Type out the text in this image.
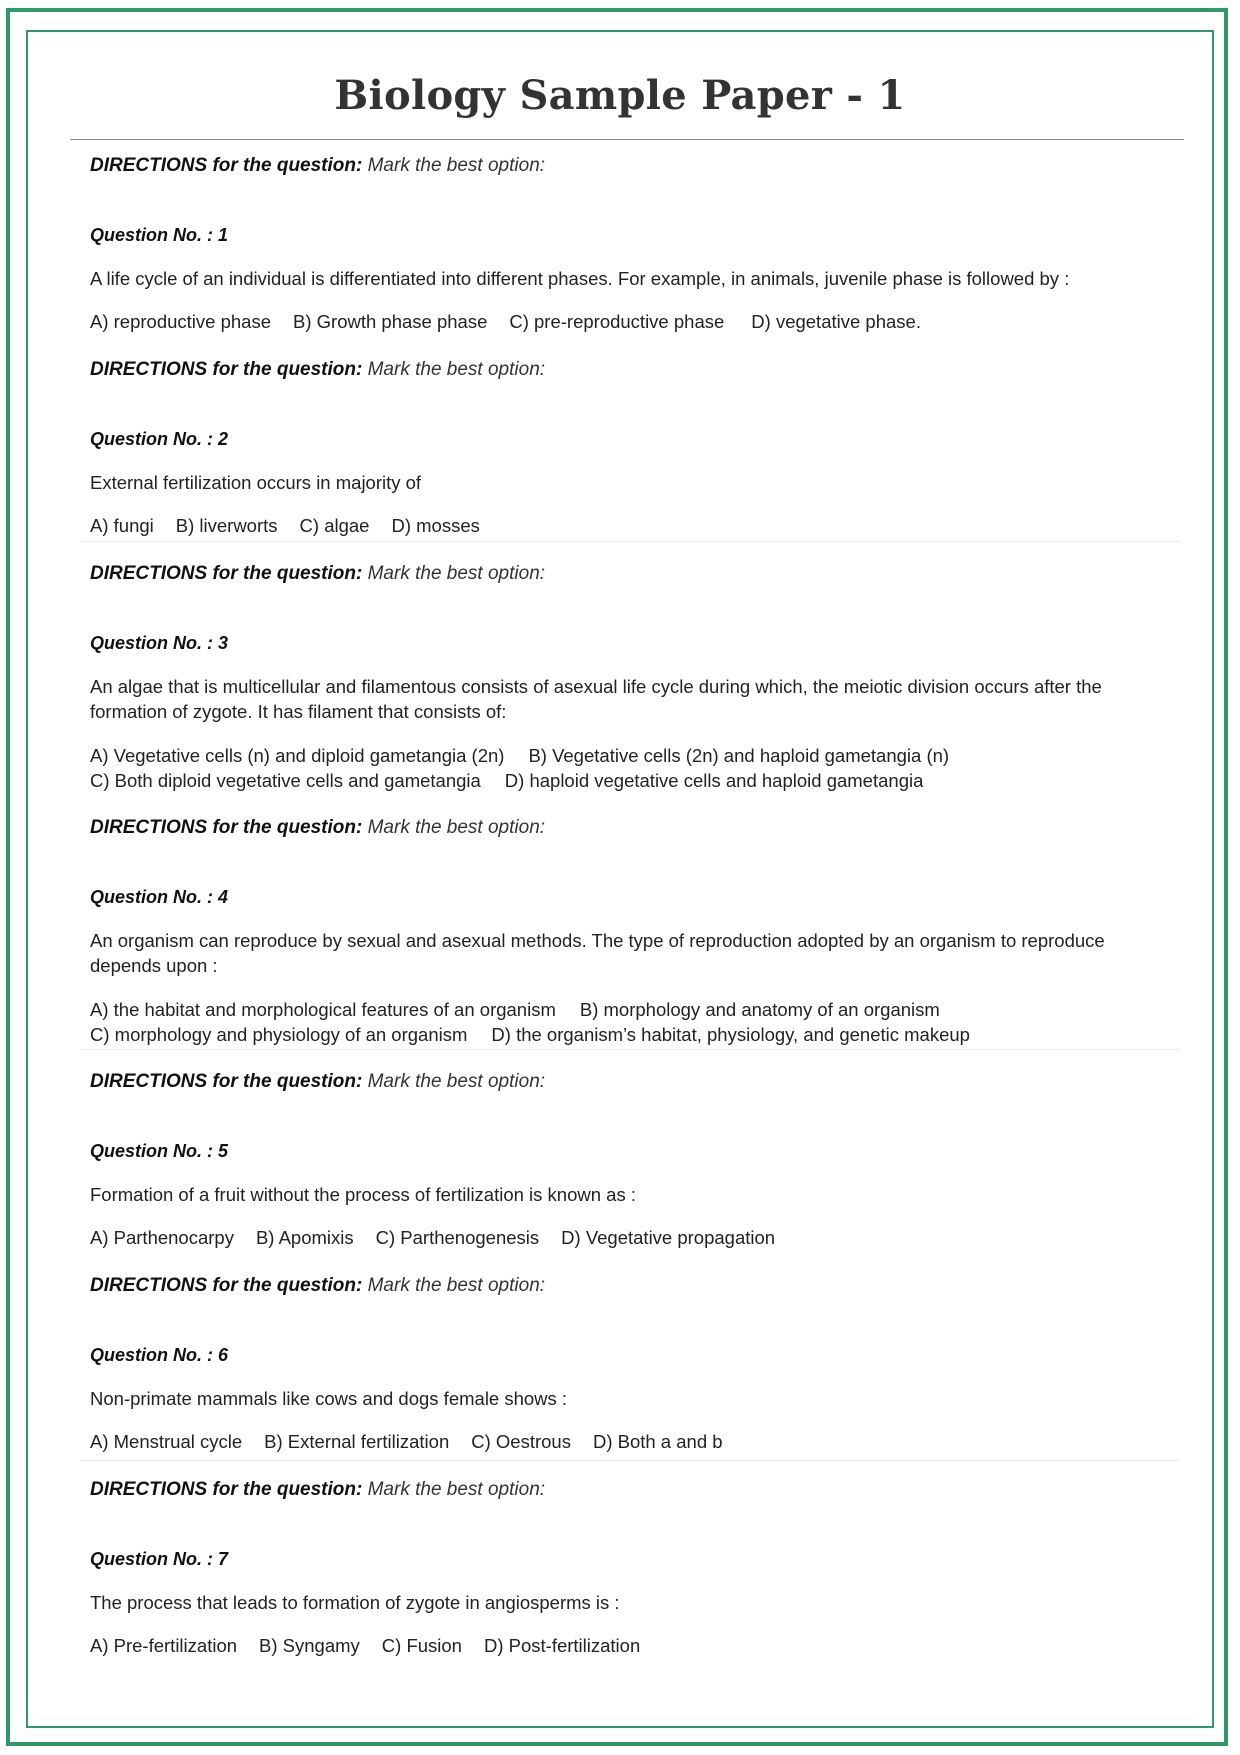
Biology Sample Paper - 1
DIRECTIONS for the question: Mark the best option:
Question No. : 1
A life cycle of an individual is differentiated into different phases. For example, in animals, juvenile phase is followed by :
A) reproductive phase B) Growth phase phase C) pre-reproductive phase D) vegetative phase.
DIRECTIONS for the question: Mark the best option:
Question No. : 2
External fertilization occurs in majority of
A) fungi B) liverworts C) algae D) mosses
DIRECTIONS for the question: Mark the best option:
Question No. : 3
An algae that is multicellular and filamentous consists of asexual life cycle during which, the meiotic division occurs after the formation of zygote. It has filament that consists of:
A) Vegetative cells (n) and diploid gametangia (2n) B) Vegetative cells (2n) and haploid gametangia (n)
C) Both diploid vegetative cells and gametangia D) haploid vegetative cells and haploid gametangia
DIRECTIONS for the question: Mark the best option:
Question No. : 4
An organism can reproduce by sexual and asexual methods. The type of reproduction adopted by an organism to reproduce depends upon :
A) the habitat and morphological features of an organism B) morphology and anatomy of an organism
C) morphology and physiology of an organism D) the organism’s habitat, physiology, and genetic makeup
DIRECTIONS for the question: Mark the best option:
Question No. : 5
Formation of a fruit without the process of fertilization is known as :
A) Parthenocarpy B) Apomixis C) Parthenogenesis D) Vegetative propagation
DIRECTIONS for the question: Mark the best option:
Question No. : 6
Non-primate mammals like cows and dogs female shows :
A) Menstrual cycle B) External fertilization C) Oestrous D) Both a and b
DIRECTIONS for the question: Mark the best option:
Question No. : 7
The process that leads to formation of zygote in angiosperms is :
A) Pre-fertilization B) Syngamy C) Fusion D) Post-fertilization
